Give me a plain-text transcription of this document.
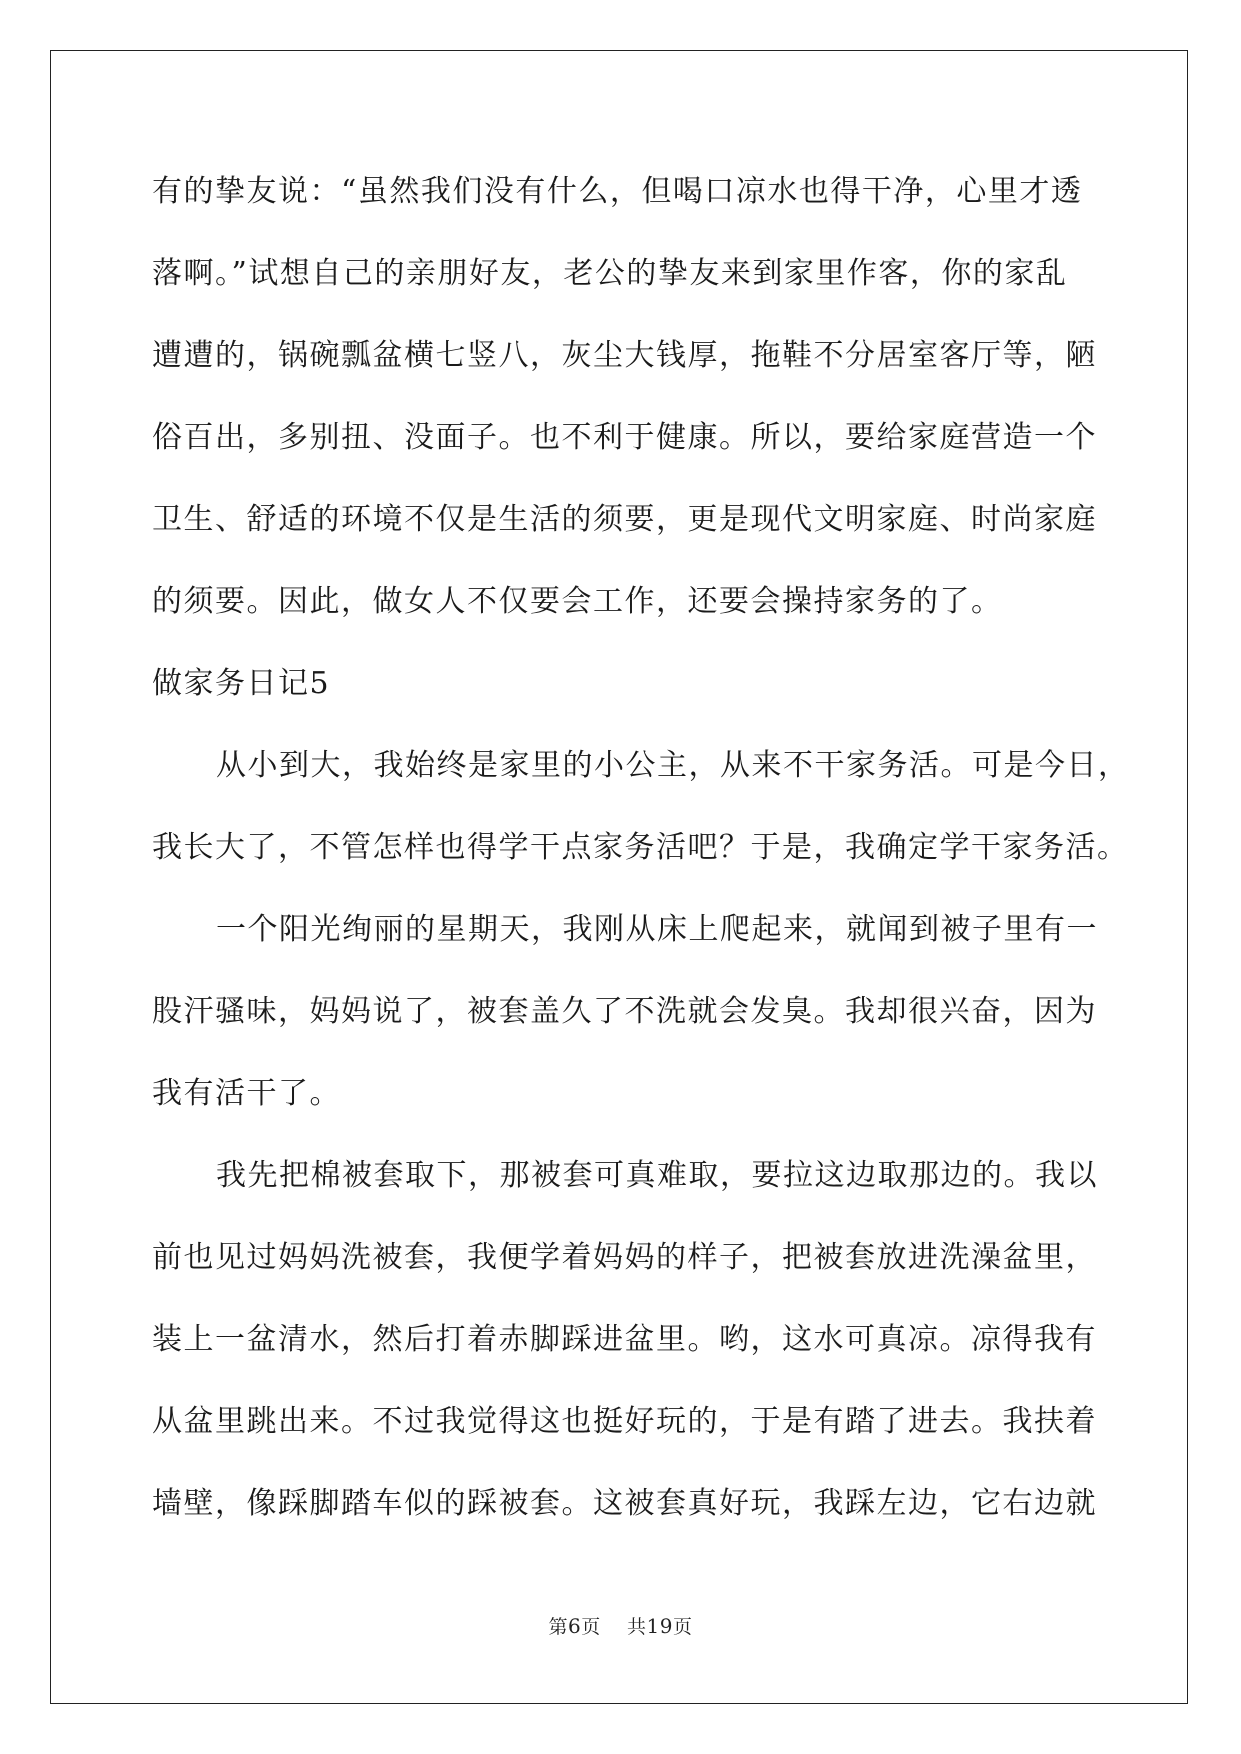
有的挚友说：“虽然我们没有什么，但喝口凉水也得干净，心里才透
落啊。”试想自己的亲朋好友，老公的挚友来到家里作客，你的家乱
遭遭的，锅碗瓢盆横七竖八，灰尘大钱厚，拖鞋不分居室客厅等，陋
俗百出，多别扭、没面子。也不利于健康。所以，要给家庭营造一个
卫生、舒适的环境不仅是生活的须要，更是现代文明家庭、时尚家庭
的须要。因此，做女人不仅要会工作，还要会操持家务的了。
做家务日记5
从小到大，我始终是家里的小公主，从来不干家务活。可是今日，
我长大了，不管怎样也得学干点家务活吧？于是，我确定学干家务活。
一个阳光绚丽的星期天，我刚从床上爬起来，就闻到被子里有一
股汗骚味，妈妈说了，被套盖久了不洗就会发臭。我却很兴奋，因为
我有活干了。
我先把棉被套取下，那被套可真难取，要拉这边取那边的。我以
前也见过妈妈洗被套，我便学着妈妈的样子，把被套放进洗澡盆里，
装上一盆清水，然后打着赤脚踩进盆里。哟，这水可真凉。凉得我有
从盆里跳出来。不过我觉得这也挺好玩的，于是有踏了进去。我扶着
墙壁，像踩脚踏车似的踩被套。这被套真好玩，我踩左边，它右边就
第6页 共19页
